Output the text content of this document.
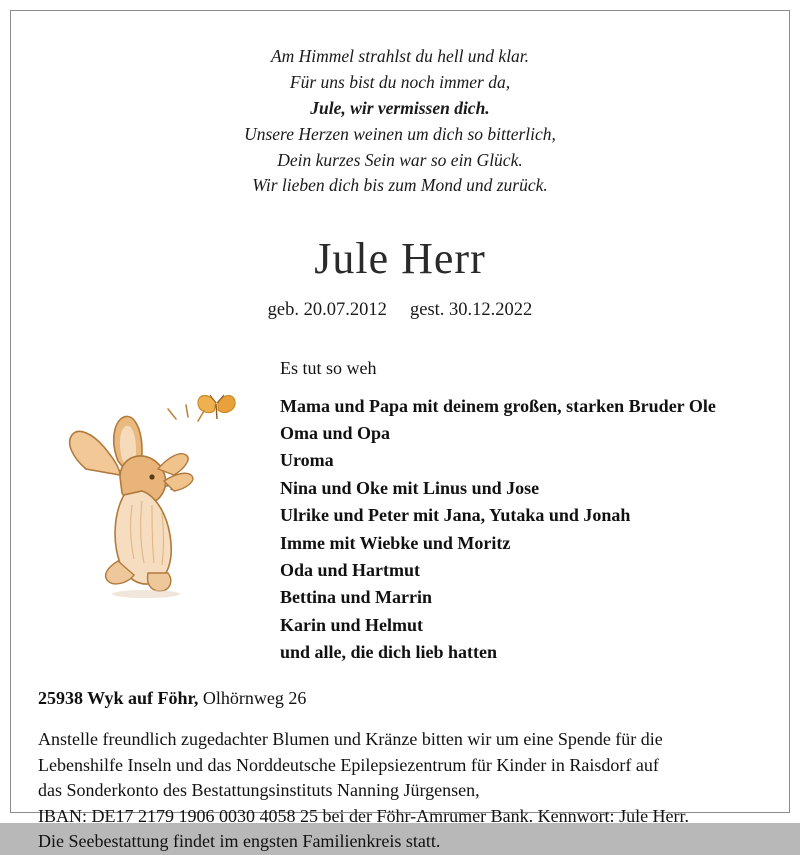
Am Himmel strahlst du hell und klar.
Für uns bist du noch immer da,
Jule, wir vermissen dich.
Unsere Herzen weinen um dich so bitterlich,
Dein kurzes Sein war so ein Glück.
Wir lieben dich bis zum Mond und zurück.
Jule Herr
geb. 20.07.2012     gest. 30.12.2022
Es tut so weh
Mama und Papa mit deinem großen, starken Bruder Ole
Oma und Opa
Uroma
Nina und Oke mit Linus und Jose
Ulrike und Peter mit Jana, Yutaka und Jonah
Imme mit Wiebke und Moritz
Oda und Hartmut
Bettina und Marrin
Karin und Helmut
und alle, die dich lieb hatten
25938 Wyk auf Föhr, Olhörnweg 26
Anstelle freundlich zugedachter Blumen und Kränze bitten wir um eine Spende für die
Lebenshilfe Inseln und das Norddeutsche Epilepsiezentrum für Kinder in Raisdorf auf
das Sonderkonto des Bestattungsinstituts Nanning Jürgensen,
IBAN: DE17 2179 1906 0030 4058 25 bei der Föhr-Amrumer Bank. Kennwort: Jule Herr.
Die Seebestattung findet im engsten Familienkreis statt.
